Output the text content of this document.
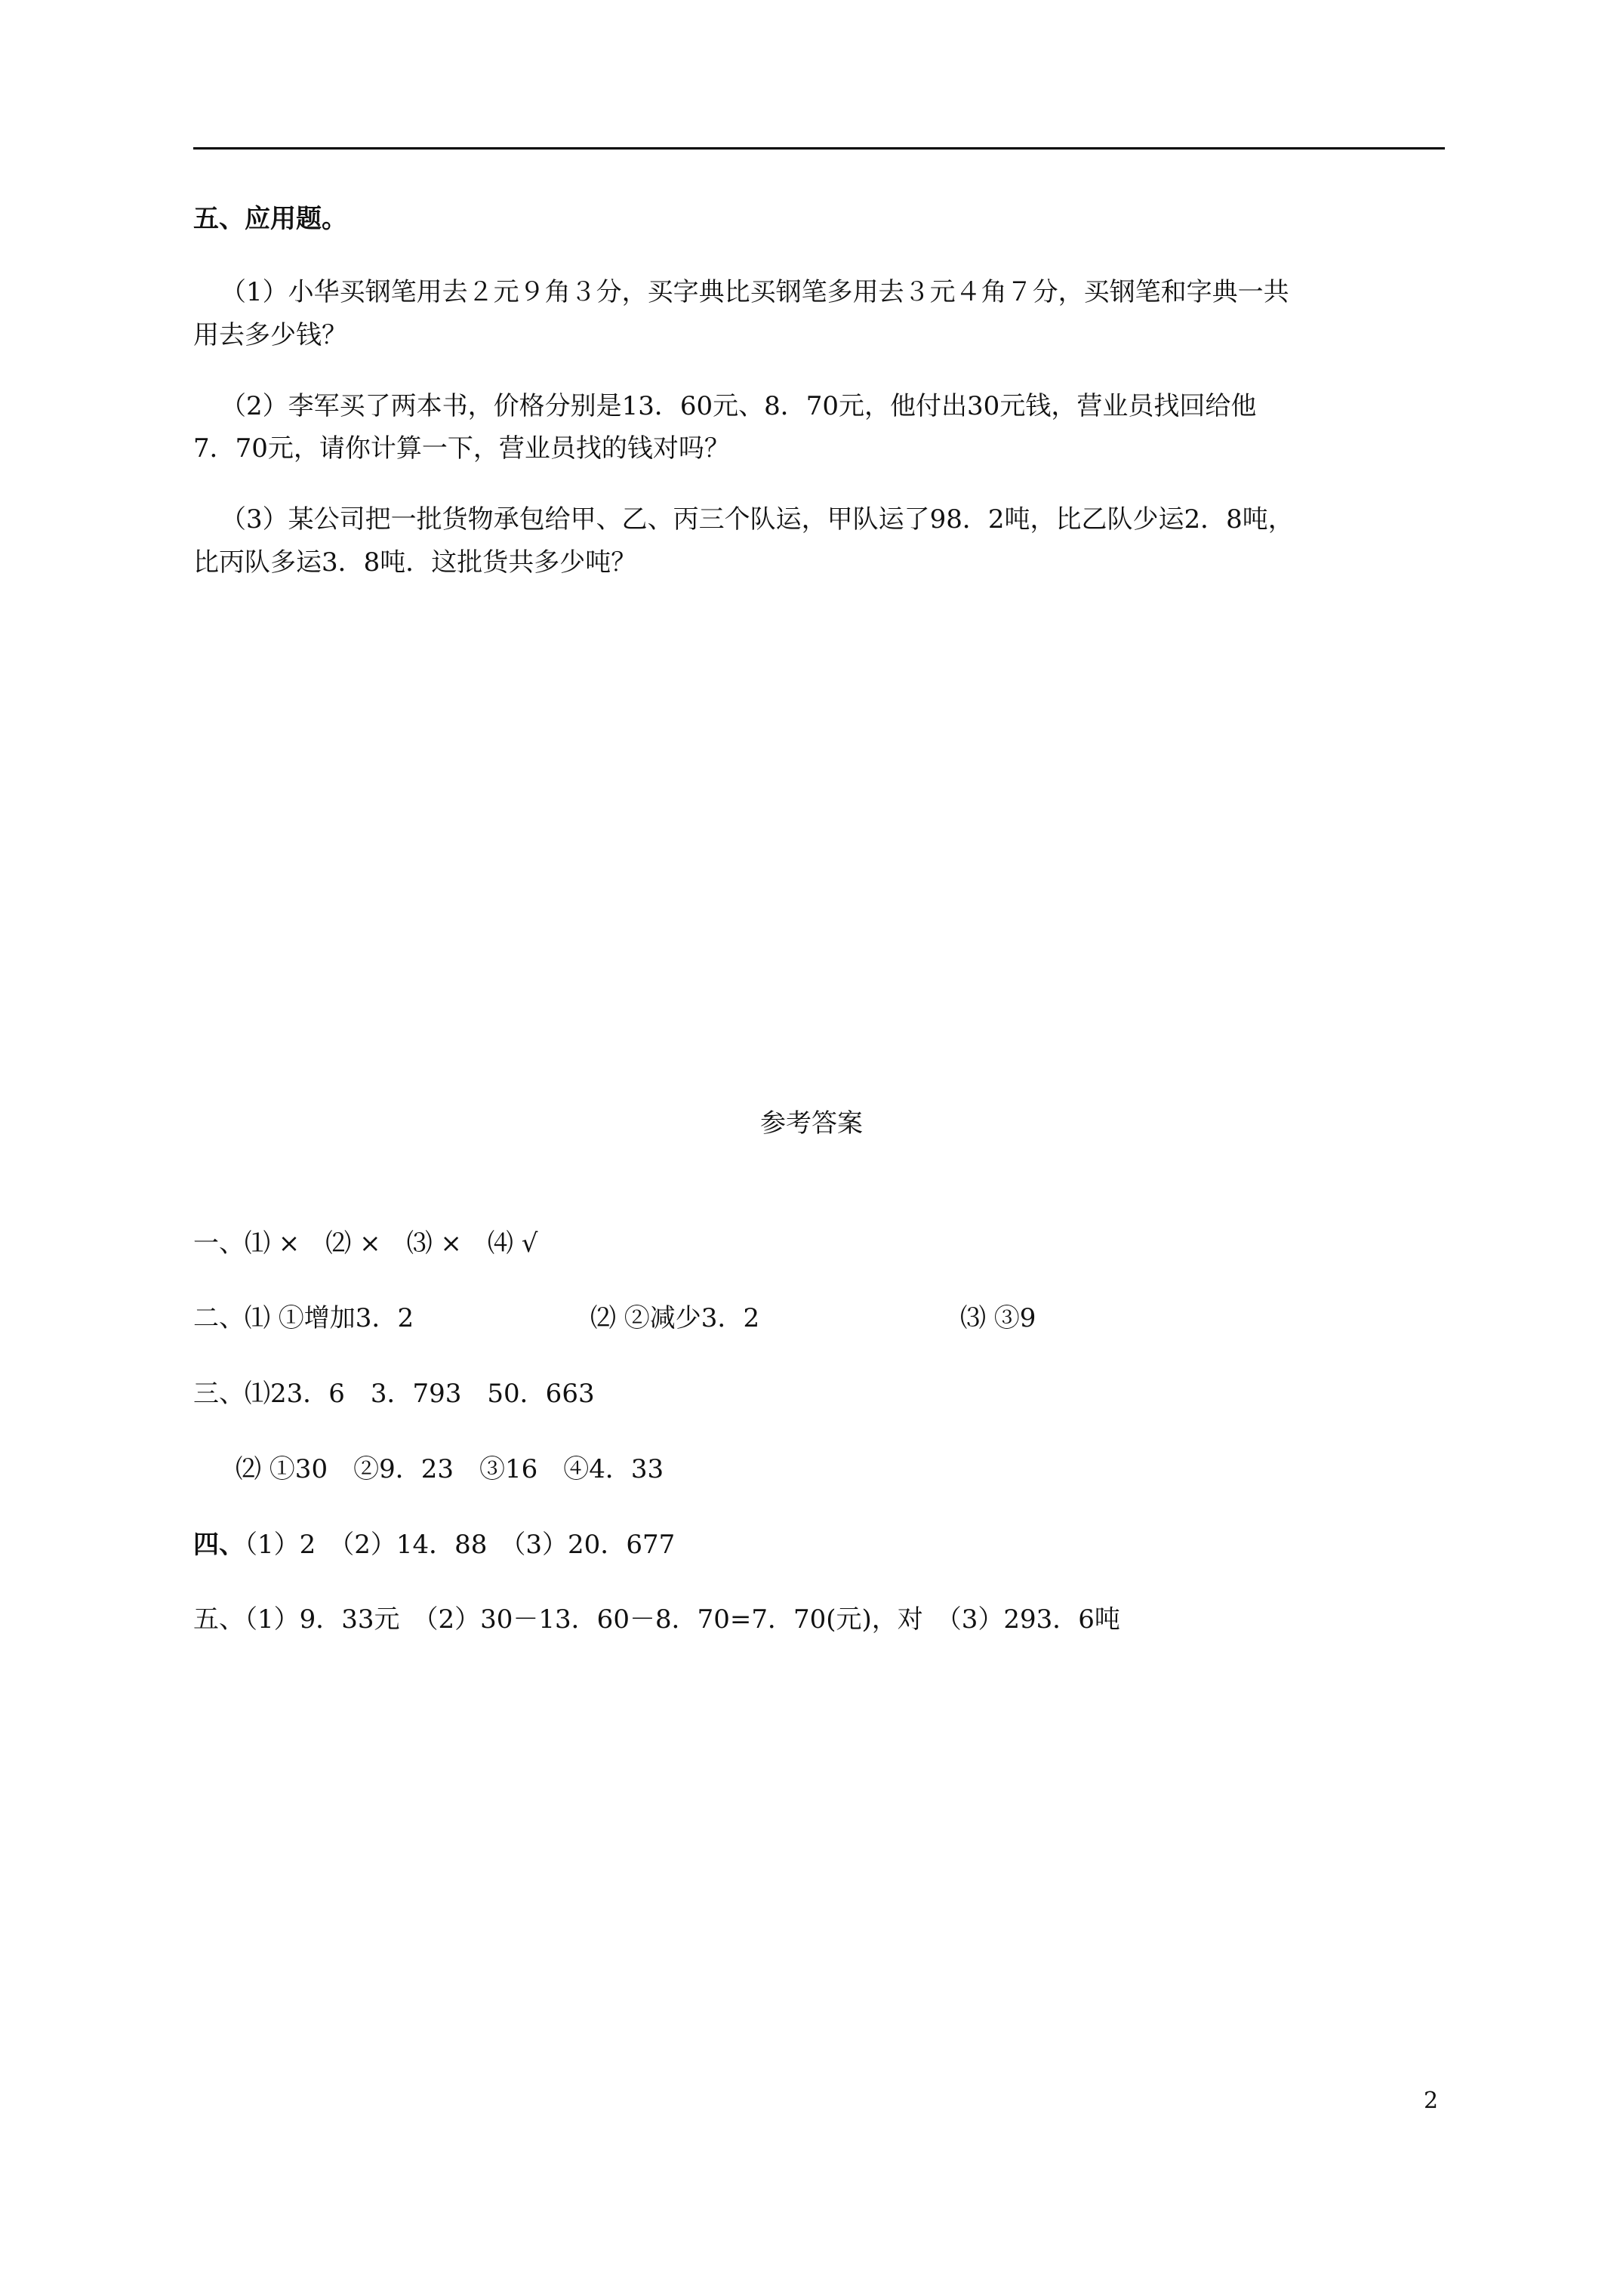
五、应用题。
（1）小华买钢笔用去２元９角３分，买字典比买钢笔多用去３元４角７分，买钢笔和字典一共
用去多少钱？
（2）李军买了两本书，价格分别是13．60元、8．70元，他付出30元钱，营业员找回给他
7．70元，请你计算一下，营业员找的钱对吗？
（3）某公司把一批货物承包给甲、乙、丙三个队运，甲队运了98．2吨，比乙队少运2．8吨，
比丙队多运3．8吨．这批货共多少吨？
参考答案
一、⑴ ×　⑵ ×　⑶ ×　⑷ √
二、⑴ ①增加3．2	⑵ ②减少3．2	⑶ ③9
三、⑴23．6　3．793　50．663
⑵ ①30　②9．23　③16　④4．33
四、（1）2　（2）14．88　（3）20．677
五、（1）9．33元　（2）30－13．60－8．70=7．70(元)，对　（3）293．6吨
2
